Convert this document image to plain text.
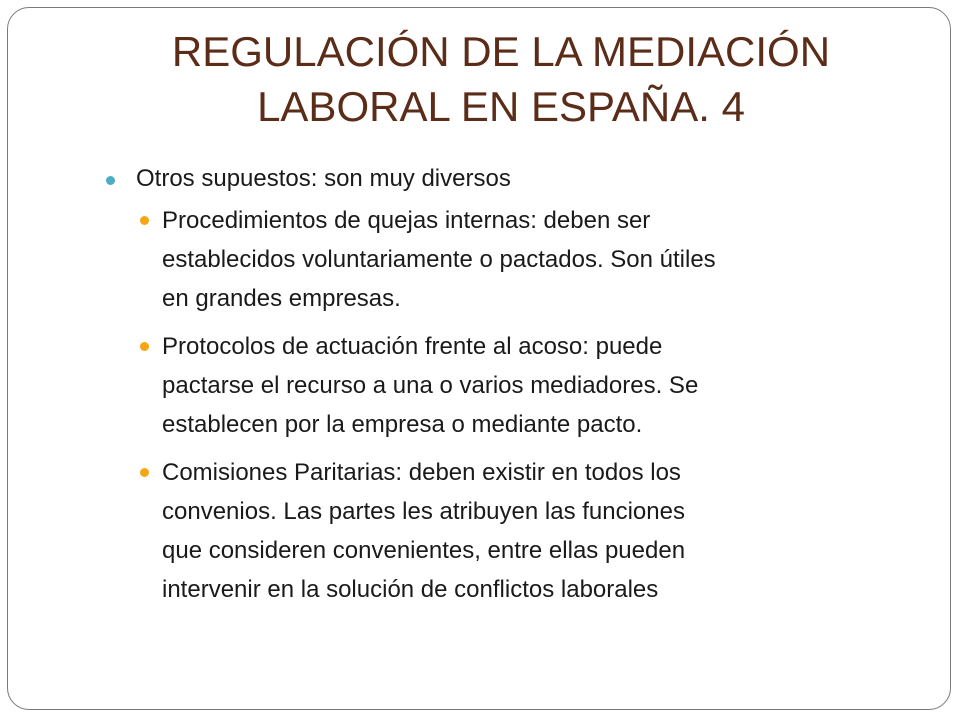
REGULACIÓN DE LA MEDIACIÓN
LABORAL EN ESPAÑA. 4
Otros supuestos: son muy diversos
Procedimientos de quejas internas: deben ser
establecidos voluntariamente o pactados. Son útiles
en grandes empresas.
Protocolos de actuación frente al acoso: puede
pactarse el recurso a una o varios mediadores. Se
establecen por la empresa o mediante pacto.
Comisiones Paritarias: deben existir en todos los
convenios. Las partes les atribuyen las funciones
que consideren convenientes, entre ellas pueden
intervenir en la solución de conflictos laborales
